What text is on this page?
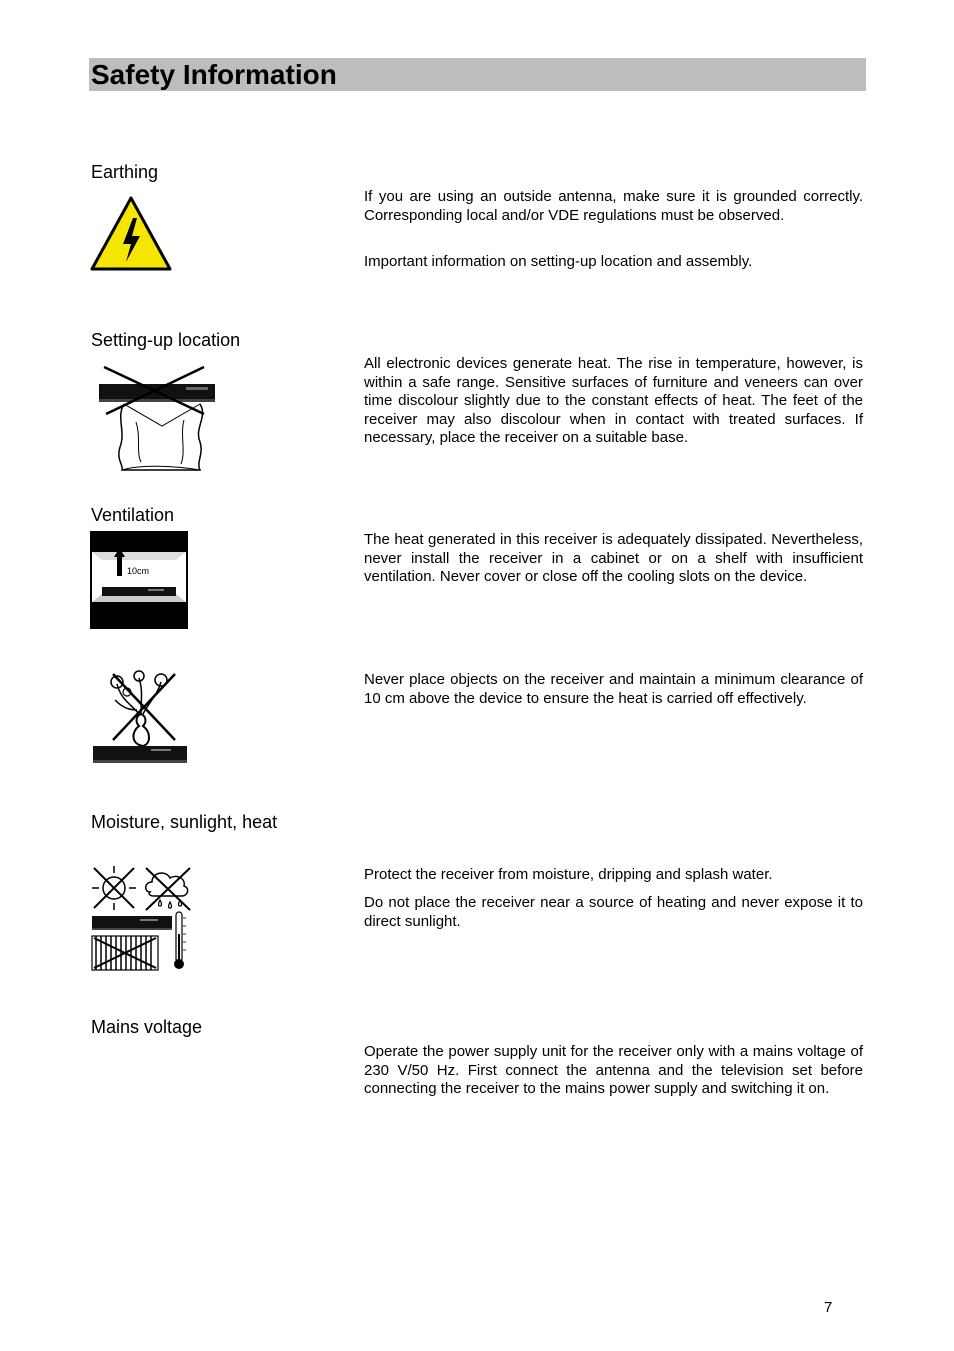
Safety Information
Earthing

If you are using an outside antenna, make sure it is grounded correctly. Corresponding local and/or VDE regulations must be observed.

Important information on setting-up location and assembly.

Setting-up location

All electronic devices generate heat. The rise in temperature, however, is within a safe range. Sensitive surfaces of furniture and veneers can over time discolour slightly due to the constant effects of heat. The feet of the receiver may also discolour when in contact with treated surfaces. If necessary, place the receiver on a suitable base.

Ventilation
10cm

The heat generated in this receiver is adequately dissipated. Nevertheless, never install the receiver in a cabinet or on a shelf with insufficient ventilation. Never cover or close off the cooling slots on the device.

Never place objects on the receiver and maintain a minimum clearance of 10 cm above the device to ensure the heat is carried off effectively.

Moisture, sunlight, heat

Protect the receiver from moisture, dripping and splash water.

Do not place the receiver near a source of heating and never expose it to direct sunlight.

Mains voltage

Operate the power supply unit for the receiver only with a mains voltage of 230 V/50 Hz. First connect the antenna and the television set before connecting the receiver to the mains power supply and switching it on.

7
